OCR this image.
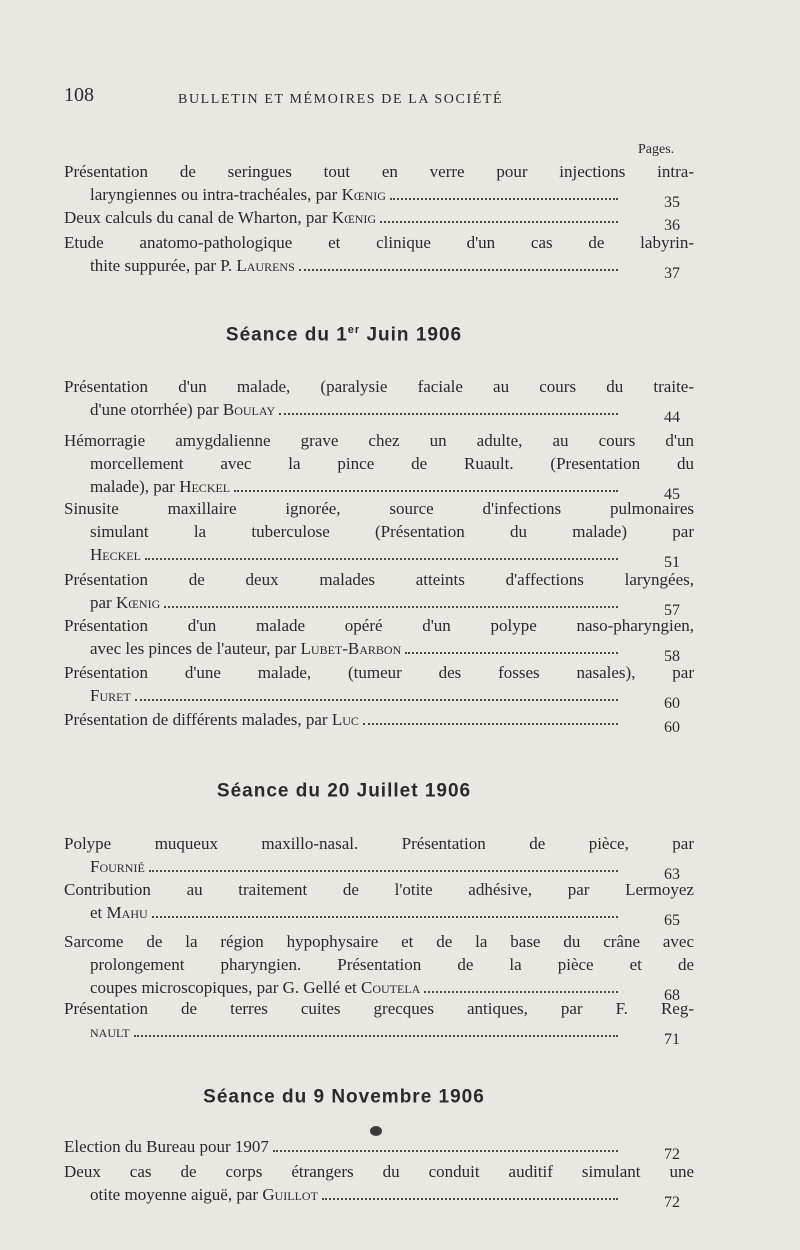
108	BULLETIN ET MÉMOIRES DE LA SOCIÉTÉ
Pages.
Présentation de seringues tout en verre pour injections intra-
laryngiennes ou intra-trachéales, par Kœnig	35
Deux calculs du canal de Wharton, par Kœnig	36
Etude anatomo-pathologique et clinique d'un cas de labyrin-
thite suppurée, par P. Laurens	37
Séance du 1er Juin 1906
Présentation d'un malade, (paralysie faciale au cours du traite-
d'une otorrhée) par Boulay	44
Hémorragie amygdalienne grave chez un adulte, au cours d'un
morcellement avec la pince de Ruault. (Presentation du
malade), par Heckel	45
Sinusite maxillaire ignorée, source d'infections pulmonaires
simulant la tuberculose (Présentation du malade) par
Heckel	51
Présentation de deux malades atteints d'affections laryngées,
par Kœnig	57
Présentation d'un malade opéré d'un polype naso-pharyngien,
avec les pinces de l'auteur, par Lubet-Barbon	58
Présentation d'une malade, (tumeur des fosses nasales), par
Furet	60
Présentation de différents malades, par Luc	60
Séance du 20 Juillet 1906
Polype muqueux maxillo-nasal. Présentation de pièce, par
Fournié	63
Contribution au traitement de l'otite adhésive, par Lermoyez
et Mahu	65
Sarcome de la région hypophysaire et de la base du crâne avec
prolongement pharyngien. Présentation de la pièce et de
coupes microscopiques, par G. Gellé et Coutela	68
Présentation de terres cuites grecques antiques, par F. Reg-
nault	71
Séance du 9 Novembre 1906
Election du Bureau pour 1907	72
Deux cas de corps étrangers du conduit auditif simulant une
otite moyenne aiguë, par Guillot	72
